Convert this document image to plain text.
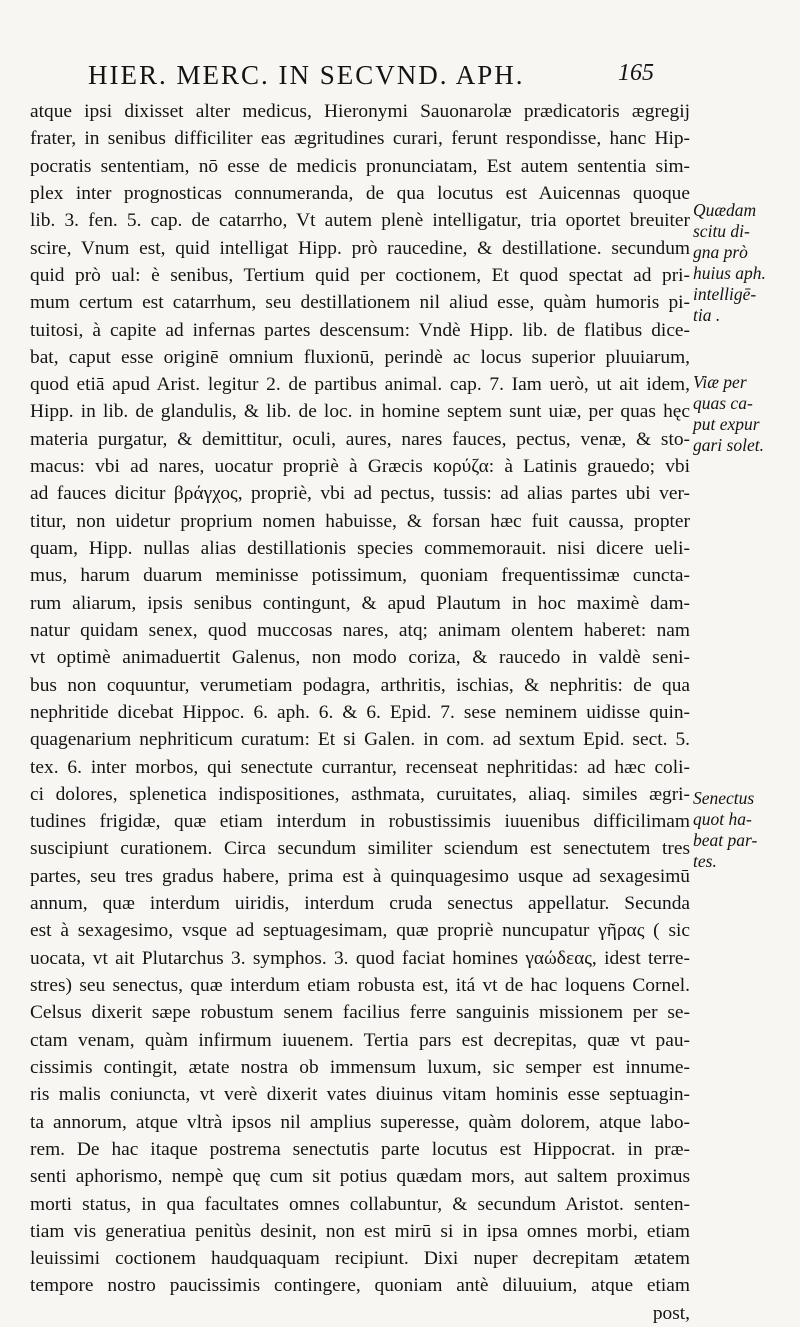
HIER. MERC. IN SECVND. APH.	165
atque ipsi dixisset alter medicus, Hieronymi Sauonarolæ prædicatoris ægregij
frater, in senibus difficiliter eas ægritudines curari, ferunt respondisse, hanc Hip-
pocratis sententiam, nō esse de medicis pronunciatam, Est autem sententia sim-
plex inter prognosticas connumeranda, de qua locutus est Auicennas quoque
lib. 3. fen. 5. cap. de catarrho, Vt autem plenè intelligatur, tria oportet breuiter
scire, Vnum est, quid intelligat Hipp. prò raucedine, & destillatione. secundum
quid prò ual: è senibus, Tertium quid per coctionem, Et quod spectat ad pri-
mum certum est catarrhum, seu destillationem nil aliud esse, quàm humoris pi-
tuitosi, à capite ad infernas partes descensum: Vndè Hipp. lib. de flatibus dice-
bat, caput esse originē omnium fluxionū, perindè ac locus superior pluuiarum,
quod etiā apud Arist. legitur 2. de partibus animal. cap. 7. Iam uerò, ut ait idem,
Hipp. in lib. de glandulis, & lib. de loc. in homine septem sunt uiæ, per quas hęc
materia purgatur, & demittitur, oculi, aures, nares fauces, pectus, venæ, & sto-
macus: vbi ad nares, uocatur propriè à Græcis κορύζα: à Latinis grauedo; vbi
ad fauces dicitur βράγχος, propriè, vbi ad pectus, tussis: ad alias partes ubi ver-
titur, non uidetur proprium nomen habuisse, & forsan hæc fuit caussa, propter
quam, Hipp. nullas alias destillationis species commemorauit. nisi dicere ueli-
mus, harum duarum meminisse potissimum, quoniam frequentissimæ cuncta-
rum aliarum, ipsis senibus contingunt, & apud Plautum in hoc maximè dam-
natur quidam senex, quod muccosas nares, atq; animam olentem haberet: nam
vt optimè animaduertit Galenus, non modo coriza, & raucedo in valdè seni-
bus non coquuntur, verumetiam podagra, arthritis, ischias, & nephritis: de qua
nephritide dicebat Hippoc. 6. aph. 6. & 6. Epid. 7. sese neminem uidisse quin-
quagenarium nephriticum curatum: Et si Galen. in com. ad sextum Epid. sect. 5.
tex. 6. inter morbos, qui senectute currantur, recenseat nephritidas: ad hæc coli-
ci dolores, splenetica indispositiones, asthmata, curuitates, aliaq. similes ægri-
tudines frigidæ, quæ etiam interdum in robustissimis iuuenibus difficilimam
suscipiunt curationem. Circa secundum similiter sciendum est senectutem tres
partes, seu tres gradus habere, prima est à quinquagesimo usque ad sexagesimū
annum, quæ interdum uiridis, interdum cruda senectus appellatur. Secunda
est à sexagesimo, vsque ad septuagesimam, quæ propriè nuncupatur γῆρας ( sic
uocata, vt ait Plutarchus 3. symphos. 3. quod faciat homines γαώδεας, idest terre-
stres) seu senectus, quæ interdum etiam robusta est, itá vt de hac loquens Cornel.
Celsus dixerit sæpe robustum senem facilius ferre sanguinis missionem per se-
ctam venam, quàm infirmum iuuenem. Tertia pars est decrepitas, quæ vt pau-
cissimis contingit, ætate nostra ob immensum luxum, sic semper est innume-
ris malis coniuncta, vt verè dixerit vates diuinus vitam hominis esse septuagin-
ta annorum, atque vltrà ipsos nil amplius superesse, quàm dolorem, atque labo-
rem. De hac itaque postrema senectutis parte locutus est Hippocrat. in præ-
senti aphorismo, nempè quę cum sit potius quædam mors, aut saltem proximus
morti status, in qua facultates omnes collabuntur, & secundum Aristot. senten-
tiam vis generatiua penitùs desinit, non est mirū si in ipsa omnes morbi, etiam
leuissimi coctionem haudquaquam recipiunt. Dixi nuper decrepitam ætatem
tempore nostro paucissimis contingere, quoniam antè diluuium, atque etiam
post,
Quædam
scitu di-
gna prò
huius aph.
intelligē-
tia .
Viæ per
quas ca-
put expur
gari solet.
Senectus
quot ha-
beat par-
tes.
